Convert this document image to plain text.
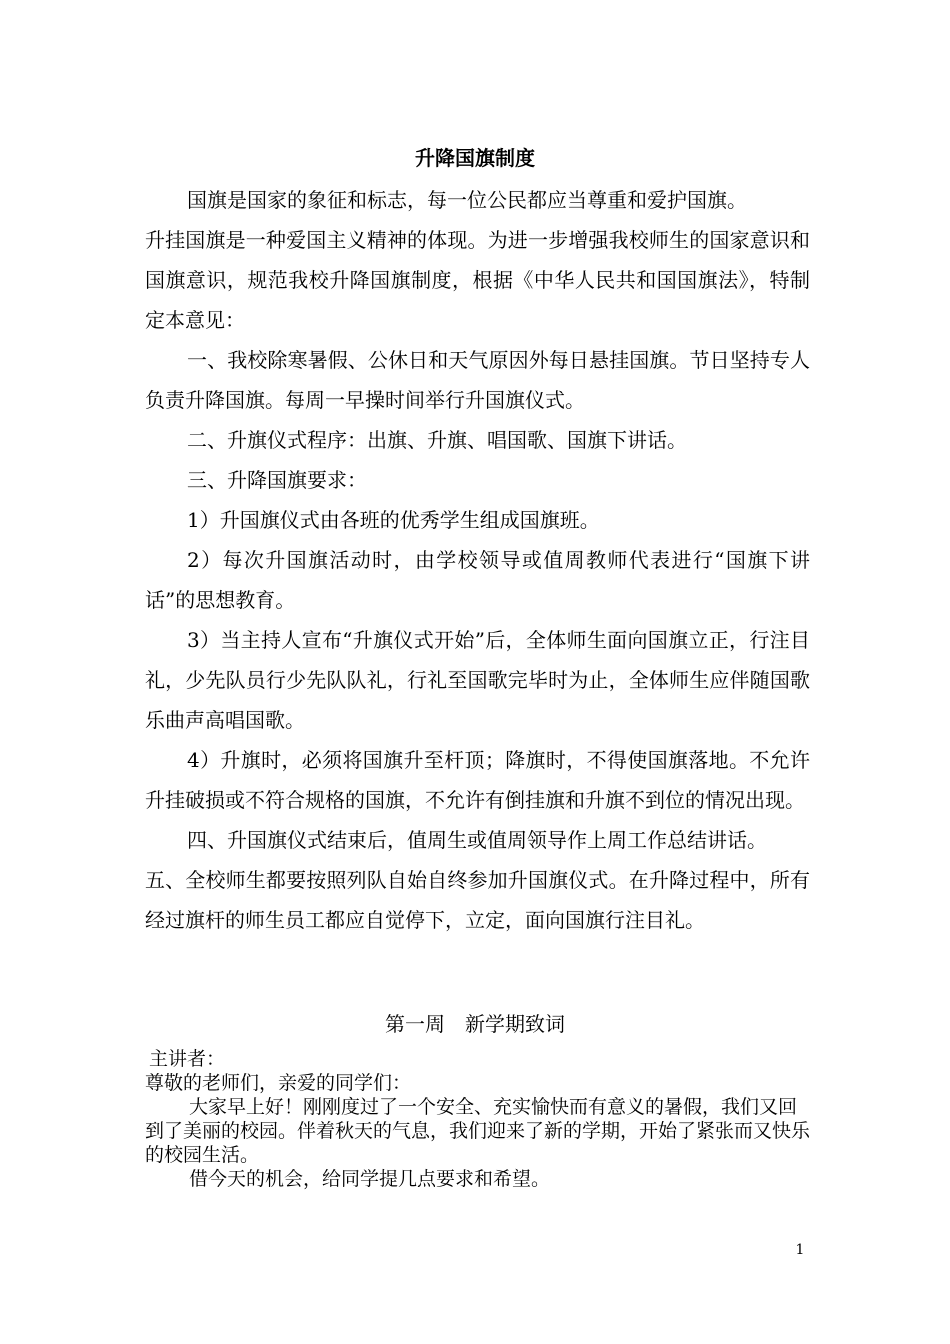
升降国旗制度

国旗是国家的象征和标志，每一位公民都应当尊重和爱护国旗。

升挂国旗是一种爱国主义精神的体现。为进一步增强我校师生的国家意识和国旗意识，规范我校升降国旗制度，根据《中华人民共和国国旗法》，特制定本意见：

一、我校除寒暑假、公休日和天气原因外每日悬挂国旗。节日坚持专人负责升降国旗。每周一早操时间举行升国旗仪式。

二、升旗仪式程序：出旗、升旗、唱国歌、国旗下讲话。

三、升降国旗要求：

1）升国旗仪式由各班的优秀学生组成国旗班。

2）每次升国旗活动时，由学校领导或值周教师代表进行“国旗下讲话”的思想教育。

3）当主持人宣布“升旗仪式开始”后，全体师生面向国旗立正，行注目礼，少先队员行少先队队礼，行礼至国歌完毕时为止，全体师生应伴随国歌乐曲声高唱国歌。

4）升旗时，必须将国旗升至杆顶；降旗时，不得使国旗落地。不允许升挂破损或不符合规格的国旗，不允许有倒挂旗和升旗不到位的情况出现。

四、升国旗仪式结束后，值周生或值周领导作上周工作总结讲话。

五、全校师生都要按照列队自始自终参加升国旗仪式。在升降过程中，所有经过旗杆的师生员工都应自觉停下，立定，面向国旗行注目礼。

第一周　新学期致词

主讲者：

尊敬的老师们，亲爱的同学们：

大家早上好！刚刚度过了一个安全、充实愉快而有意义的暑假，我们又回到了美丽的校园。伴着秋天的气息，我们迎来了新的学期，开始了紧张而又快乐的校园生活。

借今天的机会，给同学提几点要求和希望。

1
